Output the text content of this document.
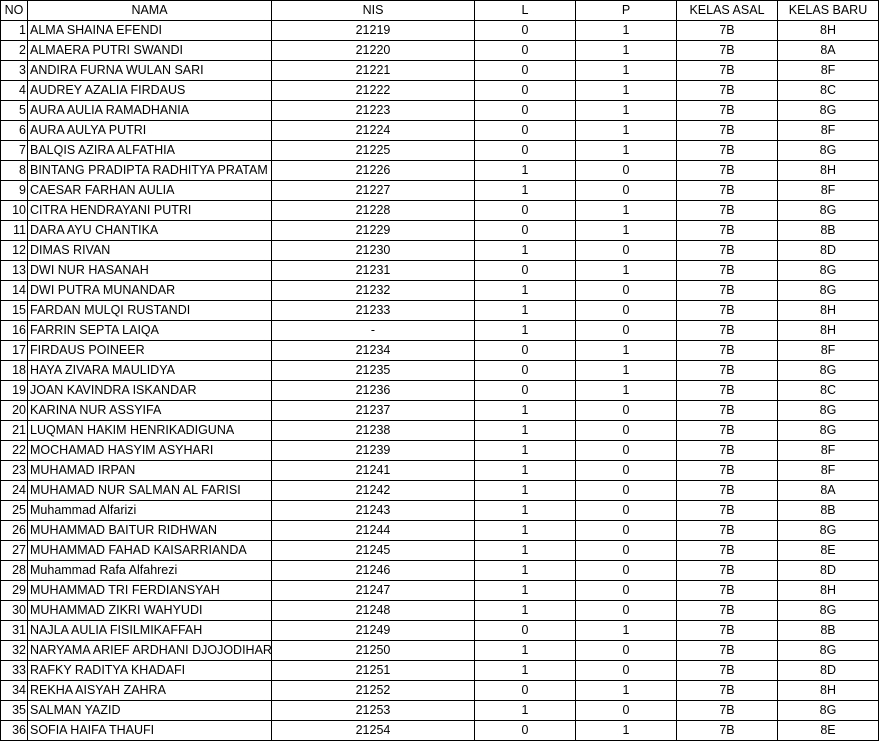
NO	NAMA	NIS	L	P	KELAS ASAL	KELAS BARU
1	ALMA SHAINA EFENDI	21219	0	1	7B	8H
2	ALMAERA PUTRI SWANDI	21220	0	1	7B	8A
3	ANDIRA FURNA WULAN SARI	21221	0	1	7B	8F
4	AUDREY AZALIA FIRDAUS	21222	0	1	7B	8C
5	AURA AULIA RAMADHANIA	21223	0	1	7B	8G
6	AURA AULYA PUTRI	21224	0	1	7B	8F
7	BALQIS AZIRA ALFATHIA	21225	0	1	7B	8G
8	BINTANG PRADIPTA RADHITYA PRATAM	21226	1	0	7B	8H
9	CAESAR FARHAN AULIA	21227	1	0	7B	8F
10	CITRA HENDRAYANI PUTRI	21228	0	1	7B	8G
11	DARA AYU CHANTIKA	21229	0	1	7B	8B
12	DIMAS RIVAN	21230	1	0	7B	8D
13	DWI NUR HASANAH	21231	0	1	7B	8G
14	DWI PUTRA MUNANDAR	21232	1	0	7B	8G
15	FARDAN MULQI RUSTANDI	21233	1	0	7B	8H
16	FARRIN SEPTA LAIQA	-	1	0	7B	8H
17	FIRDAUS POINEER	21234	0	1	7B	8F
18	HAYA ZIVARA MAULIDYA	21235	0	1	7B	8G
19	JOAN KAVINDRA ISKANDAR	21236	0	1	7B	8C
20	KARINA NUR ASSYIFA	21237	1	0	7B	8G
21	LUQMAN HAKIM HENRIKADIGUNA	21238	1	0	7B	8G
22	MOCHAMAD HASYIM ASYHARI	21239	1	0	7B	8F
23	MUHAMAD IRPAN	21241	1	0	7B	8F
24	MUHAMAD NUR SALMAN AL FARISI	21242	1	0	7B	8A
25	Muhammad Alfarizi	21243	1	0	7B	8B
26	MUHAMMAD BAITUR RIDHWAN	21244	1	0	7B	8G
27	MUHAMMAD FAHAD KAISARRIANDA	21245	1	0	7B	8E
28	Muhammad Rafa Alfahrezi	21246	1	0	7B	8D
29	MUHAMMAD TRI FERDIANSYAH	21247	1	0	7B	8H
30	MUHAMMAD ZIKRI WAHYUDI	21248	1	0	7B	8G
31	NAJLA AULIA FISILMIKAFFAH	21249	0	1	7B	8B
32	NARYAMA ARIEF ARDHANI DJOJODIHAR	21250	1	0	7B	8G
33	RAFKY RADITYA KHADAFI	21251	1	0	7B	8D
34	REKHA AISYAH ZAHRA	21252	0	1	7B	8H
35	SALMAN YAZID	21253	1	0	7B	8G
36	SOFIA HAIFA THAUFI	21254	0	1	7B	8E
